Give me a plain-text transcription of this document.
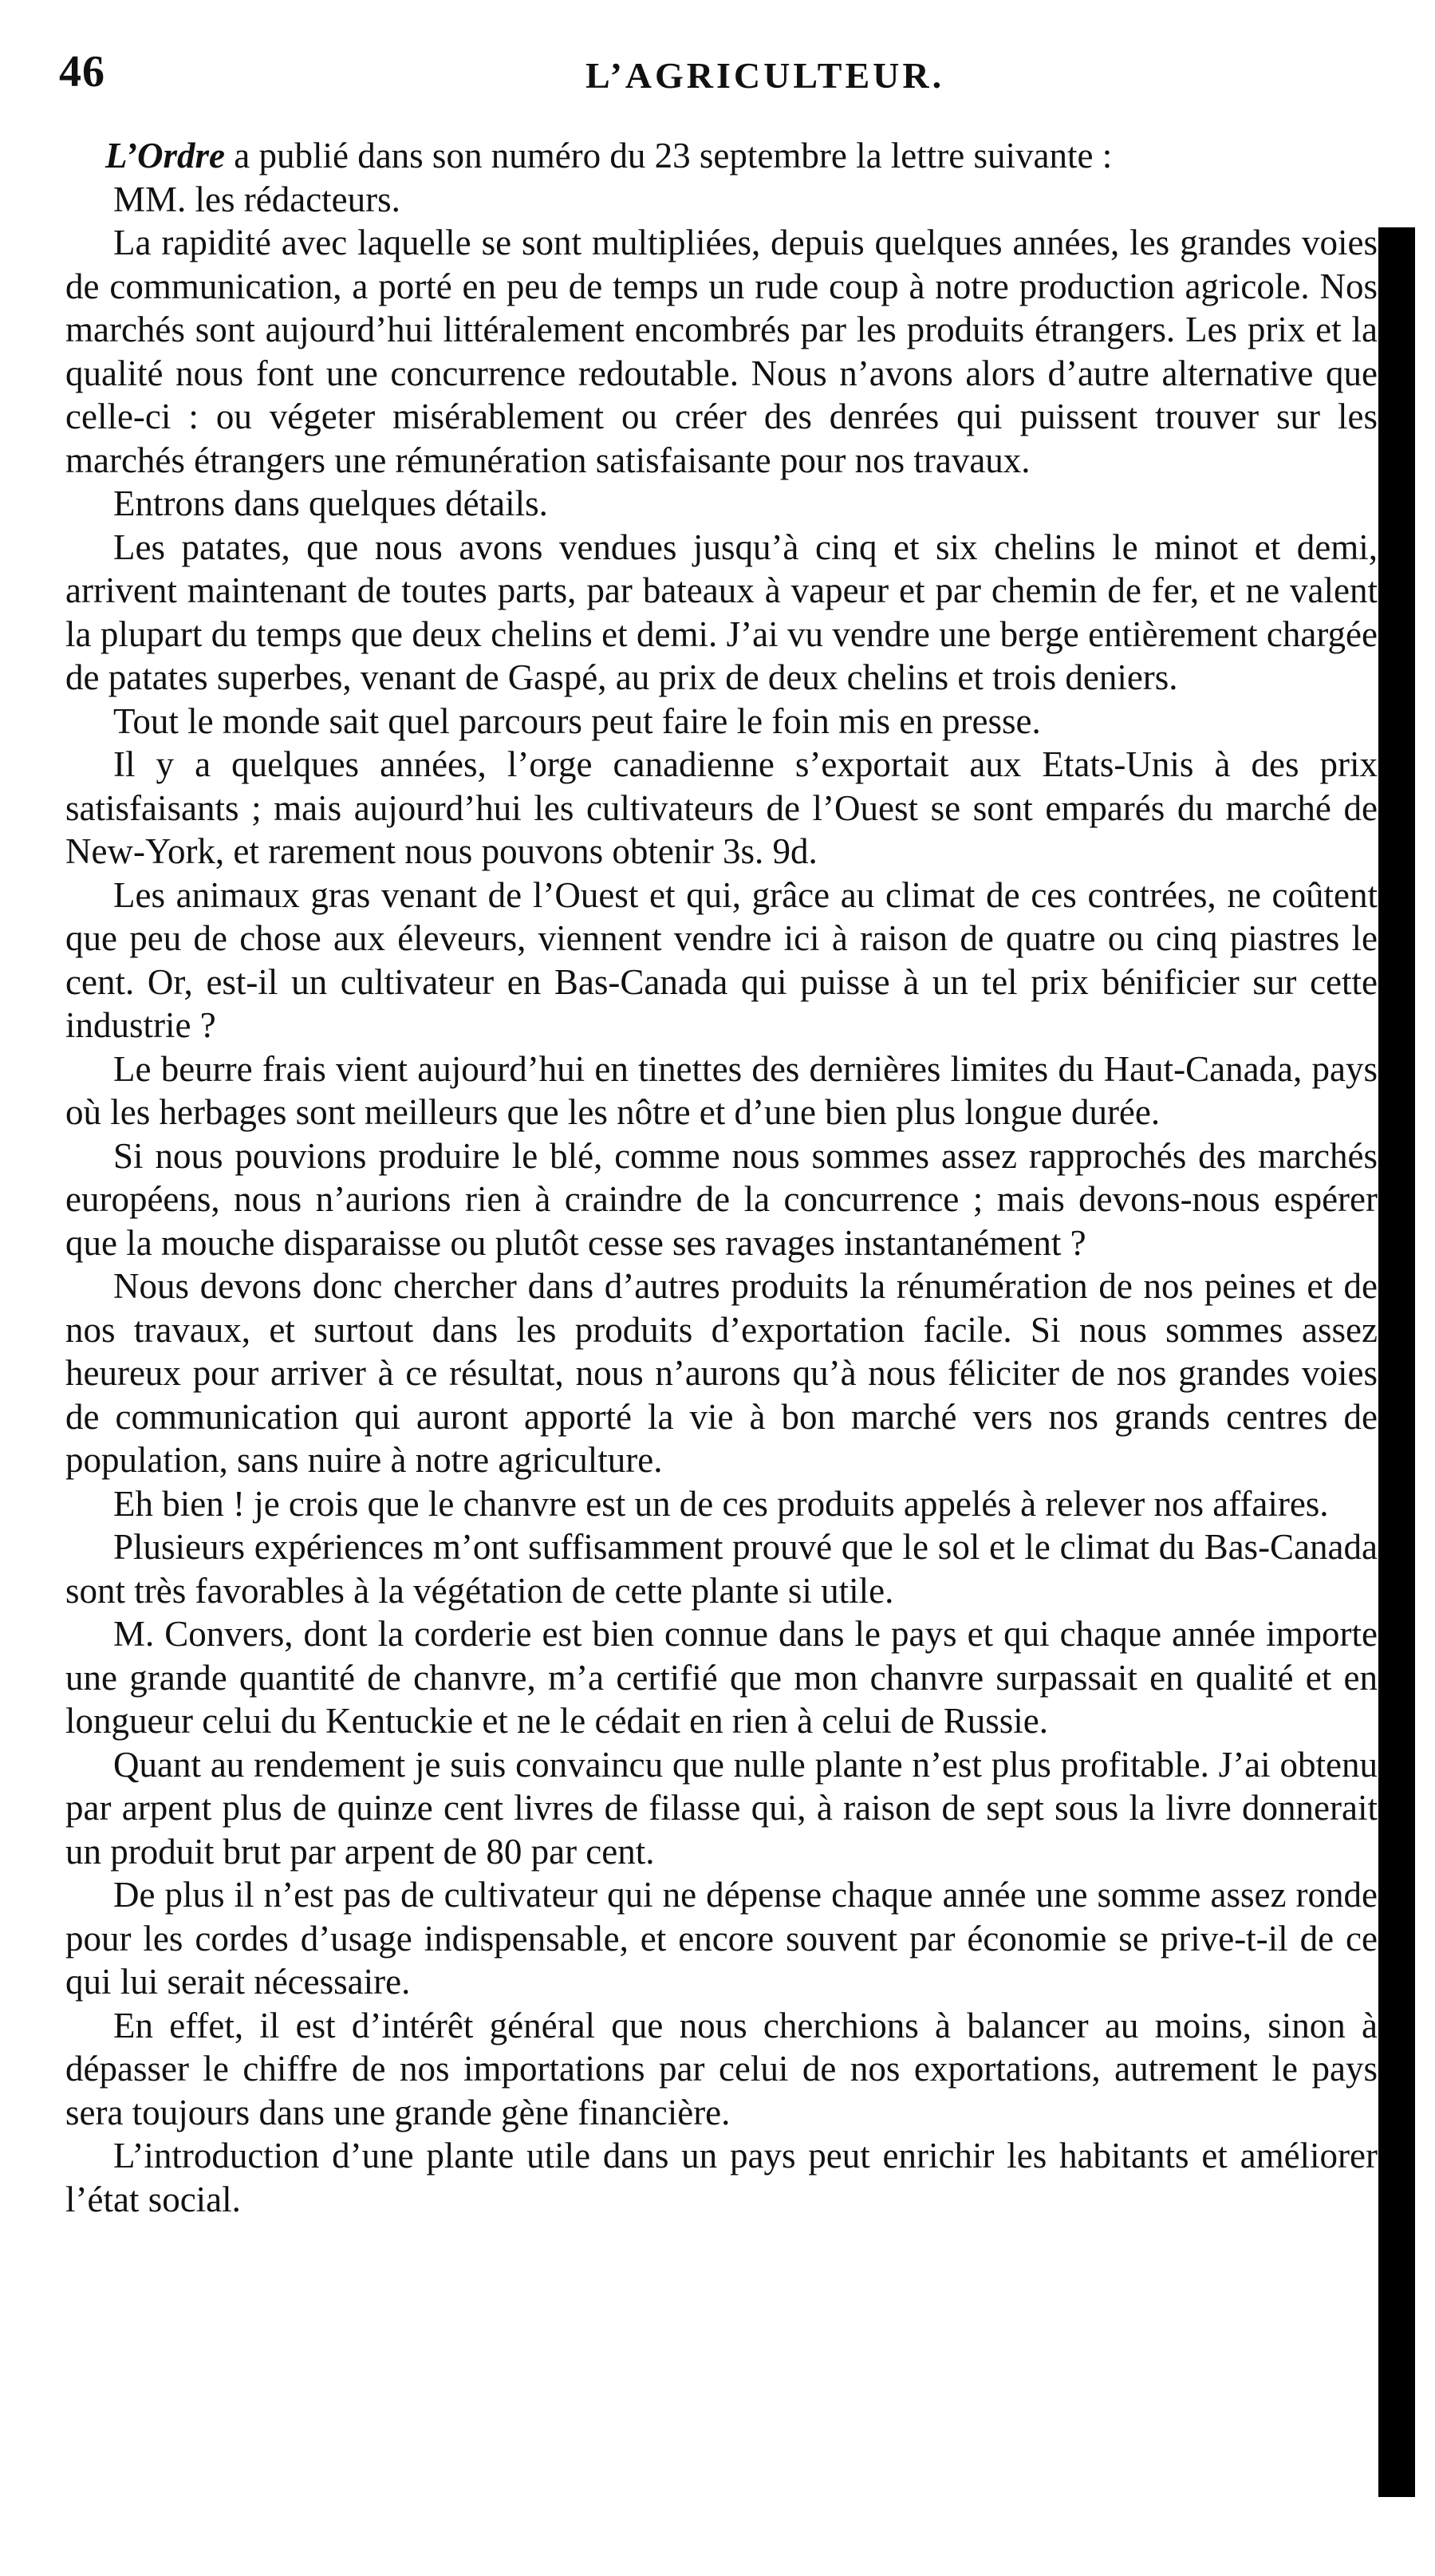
46	L’AGRICULTEUR.

L’Ordre a publié dans son numéro du 23 septembre la lettre suivante :

MM. les rédacteurs.

La rapidité avec laquelle se sont multipliées, depuis quelques années, les grandes voies de communication, a porté en peu de temps un rude coup à notre production agricole. Nos marchés sont aujourd’hui littéralement encombrés par les produits étrangers. Les prix et la qualité nous font une concurrence redoutable. Nous n’avons alors d’autre alternative que celle-ci : ou végeter misérablement ou créer des denrées qui puissent trouver sur les marchés étrangers une rémunération satisfaisante pour nos travaux.

Entrons dans quelques détails.

Les patates, que nous avons vendues jusqu’à cinq et six chelins le minot et demi, arrivent maintenant de toutes parts, par bateaux à vapeur et par chemin de fer, et ne valent la plupart du temps que deux chelins et demi. J’ai vu vendre une berge entièrement chargée de patates superbes, venant de Gaspé, au prix de deux chelins et trois deniers.

Tout le monde sait quel parcours peut faire le foin mis en presse.

Il y a quelques années, l’orge canadienne s’exportait aux Etats-Unis à des prix satisfaisants ; mais aujourd’hui les cultivateurs de l’Ouest se sont emparés du marché de New-York, et rarement nous pouvons obtenir 3s. 9d.

Les animaux gras venant de l’Ouest et qui, grâce au climat de ces contrées, ne coûtent que peu de chose aux éleveurs, viennent vendre ici à raison de quatre ou cinq piastres le cent. Or, est-il un cultivateur en Bas-Canada qui puisse à un tel prix bénificier sur cette industrie ?

Le beurre frais vient aujourd’hui en tinettes des dernières limites du Haut-Canada, pays où les herbages sont meilleurs que les nôtre et d’une bien plus longue durée.

Si nous pouvions produire le blé, comme nous sommes assez rapprochés des marchés européens, nous n’aurions rien à craindre de la concurrence ; mais devons-nous espérer que la mouche disparaisse ou plutôt cesse ses ravages instantanément ?

Nous devons donc chercher dans d’autres produits la rénumération de nos peines et de nos travaux, et surtout dans les produits d’exportation facile. Si nous sommes assez heureux pour arriver à ce résultat, nous n’aurons qu’à nous féliciter de nos grandes voies de communication qui auront apporté la vie à bon marché vers nos grands centres de population, sans nuire à notre agriculture.

Eh bien ! je crois que le chanvre est un de ces produits appelés à relever nos affaires.

Plusieurs expériences m’ont suffisamment prouvé que le sol et le climat du Bas-Canada sont très favorables à la végétation de cette plante si utile.

M. Convers, dont la corderie est bien connue dans le pays et qui chaque année importe une grande quantité de chanvre, m’a certifié que mon chanvre surpassait en qualité et en longueur celui du Kentuckie et ne le cédait en rien à celui de Russie.

Quant au rendement je suis convaincu que nulle plante n’est plus profitable. J’ai obtenu par arpent plus de quinze cent livres de filasse qui, à raison de sept sous la livre donnerait un produit brut par arpent de 80 par cent.

De plus il n’est pas de cultivateur qui ne dépense chaque année une somme assez ronde pour les cordes d’usage indispensable, et encore souvent par économie se prive-t-il de ce qui lui serait nécessaire.

En effet, il est d’intérêt général que nous cherchions à balancer au moins, sinon à dépasser le chiffre de nos importations par celui de nos exportations, autrement le pays sera toujours dans une grande gène financière.

L’introduction d’une plante utile dans un pays peut enrichir les habitants et améliorer l’état social.
